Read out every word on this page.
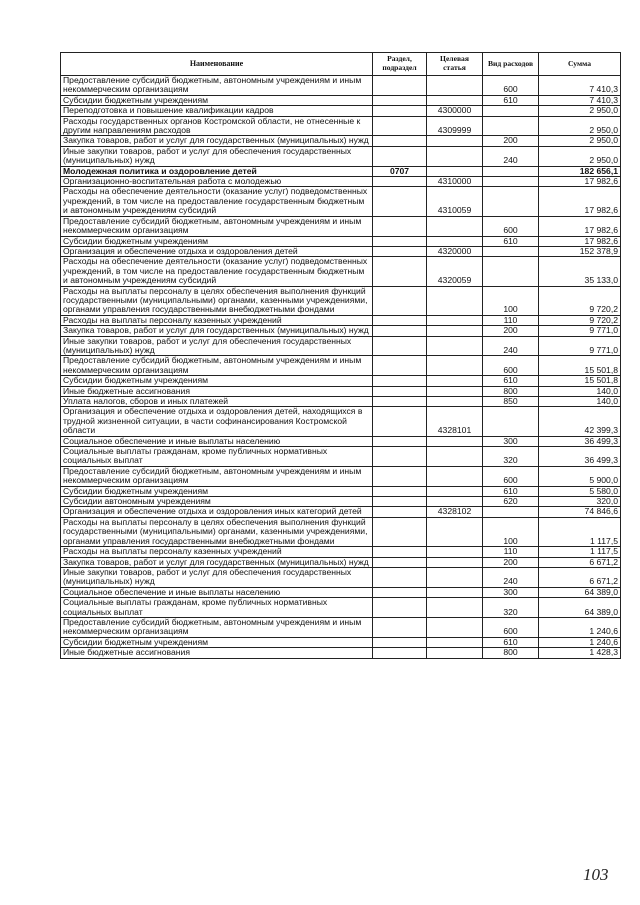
Наименование	Раздел, подраздел	Целевая статья	Вид расходов	Сумма
Предоставление субсидий бюджетным, автономным учреждениям и иным некоммерческим организациям			600	7 410,3
Субсидии бюджетным учреждениям			610	7 410,3
Переподготовка и повышение квалификации кадров		4300000		2 950,0
Расходы государственных органов Костромской области, не отнесенные к другим направлениям расходов		4309999		2 950,0
Закупка товаров, работ и услуг для государственных (муниципальных) нужд			200	2 950,0
Иные закупки товаров, работ и услуг для обеспечения государственных (муниципальных) нужд			240	2 950,0
Молодежная политика и оздоровление детей	0707			182 656,1
Организационно-воспитательная работа с молодежью		4310000		17 982,6
Расходы на обеспечение деятельности (оказание услуг) подведомственных учреждений, в том числе на предоставление государственным бюджетным и автономным учреждениям субсидий		4310059		17 982,6
Предоставление субсидий бюджетным, автономным учреждениям и иным некоммерческим организациям			600	17 982,6
Субсидии бюджетным учреждениям			610	17 982,6
Организация и обеспечение отдыха и оздоровления детей		4320000		152 378,9
Расходы на обеспечение деятельности (оказание услуг) подведомственных учреждений, в том числе на предоставление государственным бюджетным и автономным учреждениям субсидий		4320059		35 133,0
Расходы на выплаты персоналу в целях обеспечения выполнения функций государственными (муниципальными) органами, казенными учреждениями, органами управления государственными внебюджетными фондами			100	9 720,2
Расходы на выплаты персоналу казенных учреждений			110	9 720,2
Закупка товаров, работ и услуг для государственных (муниципальных) нужд			200	9 771,0
Иные закупки товаров, работ и услуг для обеспечения государственных (муниципальных) нужд			240	9 771,0
Предоставление субсидий бюджетным, автономным учреждениям и иным некоммерческим организациям			600	15 501,8
Субсидии бюджетным учреждениям			610	15 501,8
Иные бюджетные ассигнования			800	140,0
Уплата налогов, сборов и иных платежей			850	140,0
Организация и обеспечение отдыха и оздоровления детей, находящихся в трудной жизненной ситуации, в части софинансирования Костромской области		4328101		42 399,3
Социальное обеспечение и иные выплаты населению			300	36 499,3
Социальные выплаты гражданам, кроме публичных нормативных социальных выплат			320	36 499,3
Предоставление субсидий бюджетным, автономным учреждениям и иным некоммерческим организациям			600	5 900,0
Субсидии бюджетным учреждениям			610	5 580,0
Субсидии автономным учреждениям			620	320,0
Организация и обеспечение отдыха и оздоровления иных категорий детей		4328102		74 846,6
Расходы на выплаты персоналу в целях обеспечения выполнения функций государственными (муниципальными) органами, казенными учреждениями, органами управления государственными внебюджетными фондами			100	1 117,5
Расходы на выплаты персоналу казенных учреждений			110	1 117,5
Закупка товаров, работ и услуг для государственных (муниципальных) нужд			200	6 671,2
Иные закупки товаров, работ и услуг для обеспечения государственных (муниципальных) нужд			240	6 671,2
Социальное обеспечение и иные выплаты населению			300	64 389,0
Социальные выплаты гражданам, кроме публичных нормативных социальных выплат			320	64 389,0
Предоставление субсидий бюджетным, автономным учреждениям и иным некоммерческим организациям			600	1 240,6
Субсидии бюджетным учреждениям			610	1 240,6
Иные бюджетные ассигнования			800	1 428,3
103
